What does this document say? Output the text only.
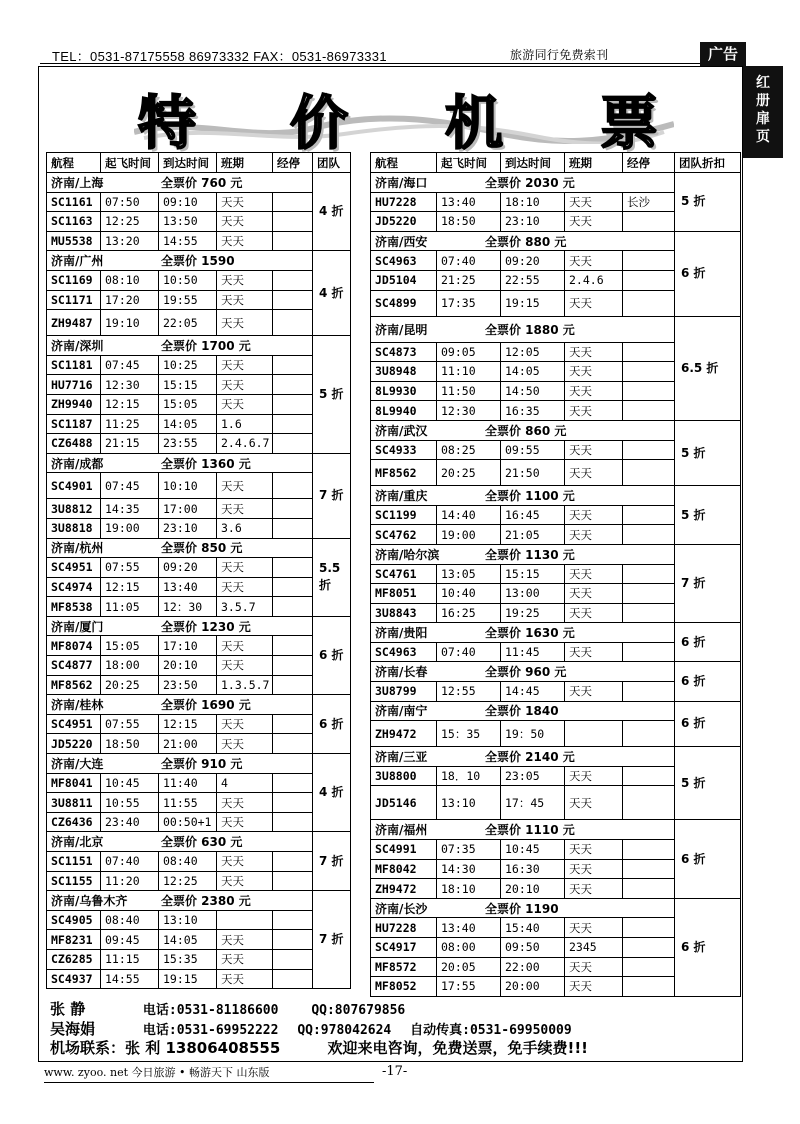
TEL：0531-87175558 86973332 FAX：0531-86973331	旅游同行免费索刊	广告
红册扉页
特 价 机 票
航程	起飞时间	到达时间	班期	经停	团队
济南/上海 全票价 760 元					4 折
SC1161	07:50	09:10	天天		
SC1163	12:25	13:50	天天		
MU5538	13:20	14:55	天天		
济南/广州 全票价 1590					4 折
SC1169	08:10	10:50	天天		
SC1171	17:20	19:55	天天		
ZH9487	19:10	22:05	天天		
济南/深圳 全票价 1700 元					5 折
SC1181	07:45	10:25	天天		
HU7716	12:30	15:15	天天		
ZH9940	12:15	15:05	天天		
SC1187	11:25	14:05	1.6		
CZ6488	21:15	23:55	2.4.6.7		
济南/成都 全票价 1360 元					7 折
SC4901	07:45	10:10	天天		
3U8812	14:35	17:00	天天		
3U8818	19:00	23:10	3.6		
济南/杭州 全票价 850 元					5.5 折
SC4951	07:55	09:20	天天		
SC4974	12:15	13:40	天天		
MF8538	11:05	12：30	3.5.7		
济南/厦门 全票价 1230 元					6 折
MF8074	15:05	17:10	天天		
SC4877	18:00	20:10	天天		
MF8562	20:25	23:50	1.3.5.7		
济南/桂林 全票价 1690 元					6 折
SC4951	07:55	12:15	天天		
JD5220	18:50	21:00	天天		
济南/大连 全票价 910 元					4 折
MF8041	10:45	11:40	4		
3U8811	10:55	11:55	天天		
CZ6436	23:40	00:50+1	天天		
济南/北京 全票价 630 元					7 折
SC1151	07:40	08:40	天天		
SC1155	11:20	12:25	天天		
济南/乌鲁木齐 全票价 2380 元					7 折
SC4905	08:40	13:10			
MF8231	09:45	14:05	天天		
CZ6285	11:15	15:35	天天		
SC4937	14:55	19:15	天天		
航程	起飞时间	到达时间	班期	经停	团队折扣
济南/海口 全票价 2030 元					5 折
HU7228	13:40	18:10	天天	长沙	
JD5220	18:50	23:10	天天		
济南/西安 全票价 880 元					6 折
SC4963	07:40	09:20	天天		
JD5104	21:25	22:55	2.4.6		
SC4899	17:35	19:15	天天		
济南/昆明 全票价 1880 元					6.5 折
SC4873	09:05	12:05	天天		
3U8948	11:10	14:05	天天		
8L9930	11:50	14:50	天天		
8L9940	12:30	16:35	天天		
济南/武汉 全票价 860 元					5 折
SC4933	08:25	09:55	天天		
MF8562	20:25	21:50	天天		
济南/重庆 全票价 1100 元					5 折
SC1199	14:40	16:45	天天		
SC4762	19:00	21:05	天天		
济南/哈尔滨 全票价 1130 元					7 折
SC4761	13:05	15:15	天天		
MF8051	10:40	13:00	天天		
3U8843	16:25	19:25	天天		
济南/贵阳 全票价 1630 元					6 折
SC4963	07:40	11:45	天天		
济南/长春 全票价 960 元					6 折
3U8799	12:55	14:45	天天		
济南/南宁 全票价 1840					6 折
ZH9472	15：35	19：50			
济南/三亚 全票价 2140 元					5 折
3U8800	18．10	23:05	天天		
JD5146	13:10	17：45	天天		
济南/福州 全票价 1110 元					6 折
SC4991	07:35	10:45	天天		
MF8042	14:30	16:30	天天		
ZH9472	18:10	20:10	天天		
济南/长沙 全票价 1190					6 折
HU7228	13:40	15:40	天天		
SC4917	08:00	09:50	2345		
MF8572	20:05	22:00	天天		
MF8052	17:55	20:00	天天		
张 静	电话:0531-81186600	QQ:807679856
吴海娟	电话:0531-69952222 QQ:978042624 自动传真:0531-69950009
机场联系：张 利 13806408555	欢迎来电咨询，免费送票，免手续费!!!
www. zyoo. net 今日旅游 • 畅游天下 山东版	-17-
